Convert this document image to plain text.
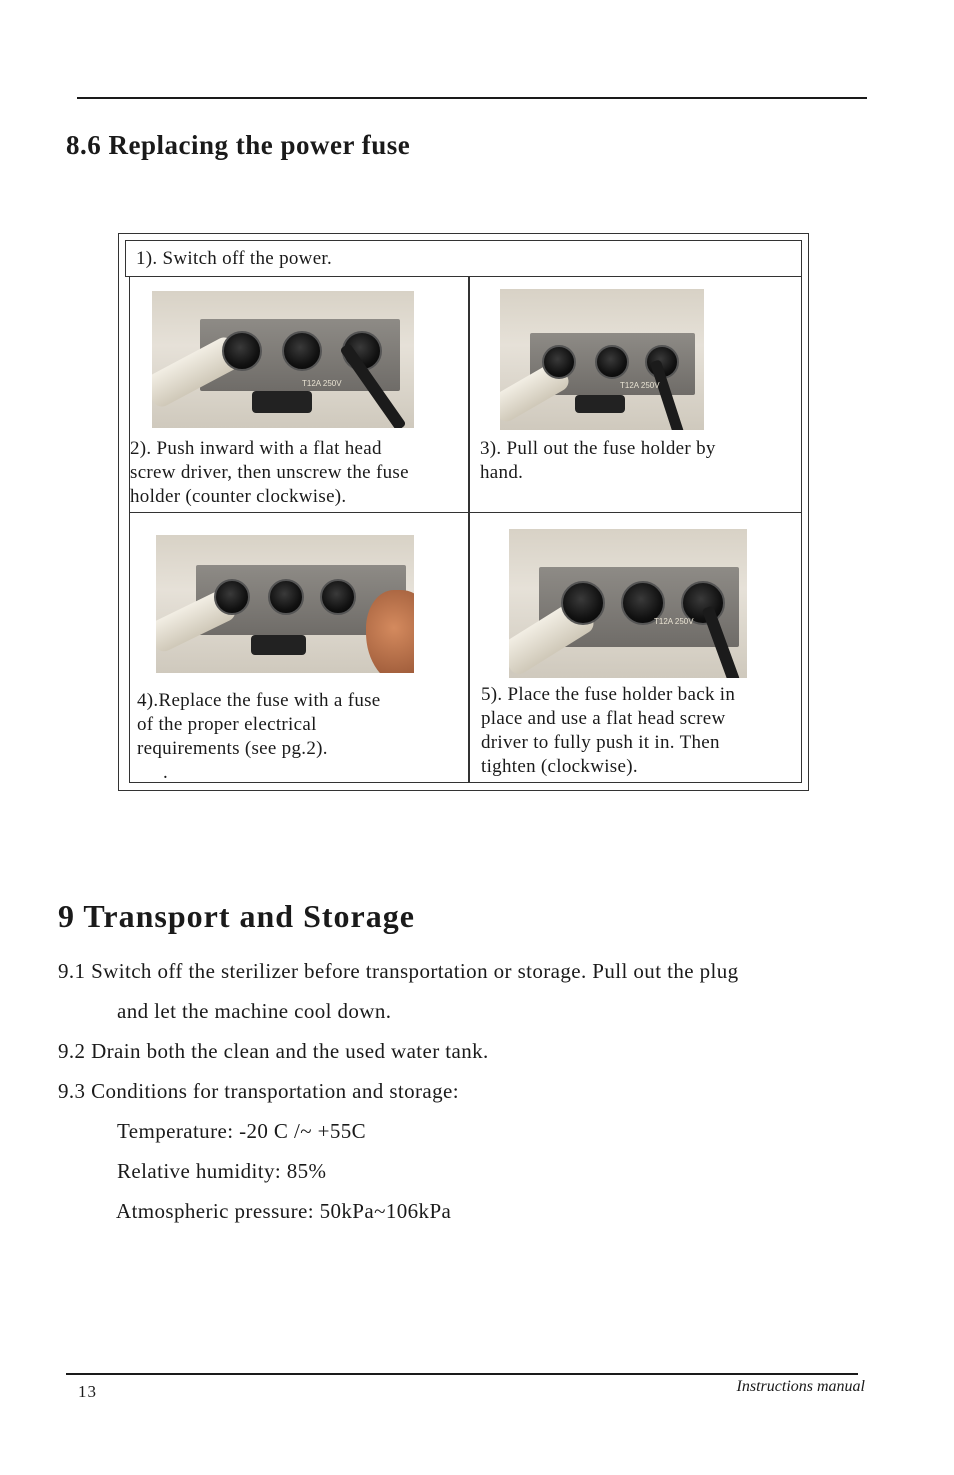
8.6 Replacing the power fuse
1). Switch off the power.
T12A 250V
2). Push inward with a flat head
screw driver, then unscrew the fuse
holder (counter clockwise).
T12A 250V
3). Pull out the fuse holder by
hand.
4).Replace the fuse with a fuse
of the proper electrical
requirements (see pg.2).
.
T12A 250V
5). Place the fuse holder back in
place and use a flat head screw
driver to fully push it in. Then
tighten (clockwise).
9 Transport and Storage
9.1 Switch off the sterilizer before transportation or storage. Pull out the plug
and let the machine cool down.
9.2 Drain both the clean and the used water tank.
9.3 Conditions for transportation and storage:
Temperature: -20 C /~ +55C
Relative humidity: 85%
Atmospheric pressure: 50kPa~106kPa
13	Instructions manual
